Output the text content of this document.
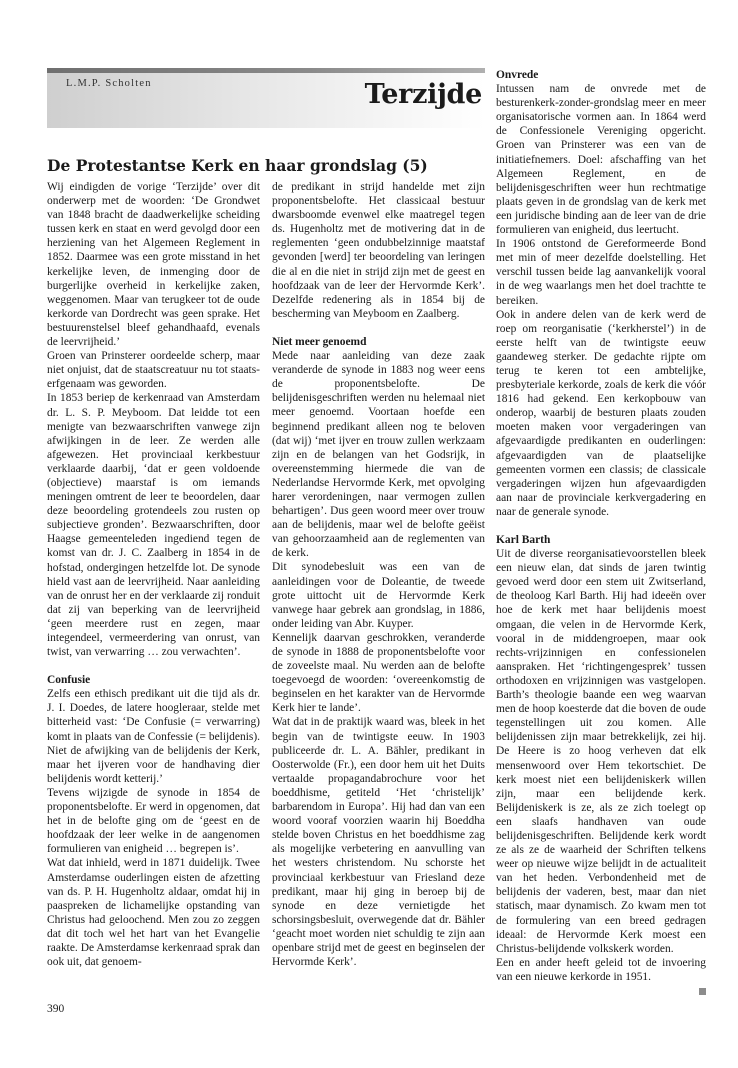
L.M.P. Scholten	Terzijde
De Protestantse Kerk en haar grondslag (5)

Wij eindigden de vorige ‘Terzijde’ over dit onderwerp met de woorden: ‘De Grondwet van 1848 bracht de daadwerkelijke scheiding tussen kerk en staat en werd gevolgd door een herziening van het Algemeen Reglement in 1852. Daarmee was een grote misstand in het kerkelijke leven, de inmenging door de burgerlijke overheid in kerkelijke zaken, weggenomen. Maar van terugkeer tot de oude kerkorde van Dordrecht was geen sprake. Het bestuurenstelsel bleef gehandhaafd, evenals de leervrijheid.’

Groen van Prinsterer oordeelde scherp, maar niet onjuist, dat de staatscreatuur nu tot staats-erfgenaam was geworden.

In 1853 beriep de kerkenraad van Amsterdam dr. L. S. P. Meyboom. Dat leidde tot een menigte van bezwaarschriften vanwege zijn afwijkingen in de leer. Ze werden alle afgewezen. Het provinciaal kerkbestuur verklaarde daarbij, ‘dat er geen voldoende (objectieve) maarstaf is om iemands meningen omtrent de leer te beoordelen, daar deze beoordeling grotendeels zou rusten op subjectieve gronden’. Bezwaarschriften, door Haagse gemeenteleden ingediend tegen de komst van dr. J. C. Zaalberg in 1854 in de hofstad, ondergingen hetzelfde lot. De synode hield vast aan de leervrijheid. Naar aanleiding van de onrust her en der verklaarde zij ronduit dat zij van beperking van de leervrijheid ‘geen meerdere rust en zegen, maar integendeel, vermeerdering van onrust, van twist, van verwarring … zou verwachten’.

Confusie

Zelfs een ethisch predikant uit die tijd als dr. J. I. Doedes, de latere hoogleraar, stelde met bitterheid vast: ‘De Confusie (= verwarring) komt in plaats van de Confessie (= belijdenis). Niet de afwijking van de belijdenis der Kerk, maar het ijveren voor de handhaving dier belijdenis wordt ketterij.’

Tevens wijzigde de synode in 1854 de proponentsbelofte. Er werd in opgenomen, dat het in de belofte ging om de ‘geest en de hoofdzaak der leer welke in de aangenomen formulieren van enigheid … begrepen is’.

Wat dat inhield, werd in 1871 duidelijk. Twee Amsterdamse ouderlingen eisten de afzetting van ds. P. H. Hugenholtz aldaar, omdat hij in paaspreken de lichamelijke opstanding van Christus had geloochend. Men zou zo zeggen dat dit toch wel het hart van het Evangelie raakte. De Amsterdamse kerkenraad sprak dan ook uit, dat genoem-

de predikant in strijd handelde met zijn proponentsbelofte. Het classicaal bestuur dwarsboomde evenwel elke maatregel tegen ds. Hugenholtz met de motivering dat in de reglementen ‘geen ondubbelzinnige maatstaf gevonden [werd] ter beoordeling van leringen die al en die niet in strijd zijn met de geest en hoofdzaak van de leer der Hervormde Kerk’. Dezelfde redenering als in 1854 bij de bescherming van Meyboom en Zaalberg.

Niet meer genoemd

Mede naar aanleiding van deze zaak veranderde de synode in 1883 nog weer eens de proponentsbelofte. De belijdenisgeschriften werden nu helemaal niet meer genoemd. Voortaan hoefde een beginnend predikant alleen nog te beloven (dat wij) ‘met ijver en trouw zullen werkzaam zijn en de belangen van het Godsrijk, in overeenstemming hiermede die van de Nederlandse Hervormde Kerk, met opvolging harer verordeningen, naar vermogen zullen behartigen’. Dus geen woord meer over trouw aan de belijdenis, maar wel de belofte geëist van gehoorzaamheid aan de reglementen van de kerk.

Dit synodebesluit was een van de aanleidingen voor de Doleantie, de tweede grote uittocht uit de Hervormde Kerk vanwege haar gebrek aan grondslag, in 1886, onder leiding van Abr. Kuyper.

Kennelijk daarvan geschrokken, veranderde de synode in 1888 de proponentsbelofte voor de zoveelste maal. Nu werden aan de belofte toegevoegd de woorden: ‘overeenkomstig de beginselen en het karakter van de Hervormde Kerk hier te lande’.

Wat dat in de praktijk waard was, bleek in het begin van de twintigste eeuw. In 1903 publiceerde dr. L. A. Bähler, predikant in Oosterwolde (Fr.), een door hem uit het Duits vertaalde propagandabrochure voor het boeddhisme, getiteld ‘Het ‘christelijk’ barbarendom in Europa’. Hij had dan van een woord vooraf voorzien waarin hij Boeddha stelde boven Christus en het boeddhisme zag als mogelijke verbetering en aanvulling van het westers christendom. Nu schorste het provinciaal kerkbestuur van Friesland deze predikant, maar hij ging in beroep bij de synode en deze vernietigde het schorsingsbesluit, overwegende dat dr. Bähler ‘geacht moet worden niet schuldig te zijn aan openbare strijd met de geest en beginselen der Hervormde Kerk’.

Onvrede

Intussen nam de onvrede met de besturenkerk-zonder-grondslag meer en meer organisatorische vormen aan. In 1864 werd de Confessionele Vereniging opgericht. Groen van Prinsterer was een van de initiatiefnemers. Doel: afschaffing van het Algemeen Reglement, en de belijdenisgeschriften weer hun rechtmatige plaats geven in de grondslag van de kerk met een juridische binding aan de leer van de drie formulieren van enigheid, dus leertucht.

In 1906 ontstond de Gereformeerde Bond met min of meer dezelfde doelstelling. Het verschil tussen beide lag aanvankelijk vooral in de weg waarlangs men het doel trachtte te bereiken.

Ook in andere delen van de kerk werd de roep om reorganisatie (‘kerkherstel’) in de eerste helft van de twintigste eeuw gaandeweg sterker. De gedachte rijpte om terug te keren tot een ambtelijke, presbyteriale kerkorde, zoals de kerk die vóór 1816 had gekend. Een kerkopbouw van onderop, waarbij de besturen plaats zouden moeten maken voor vergaderingen van afgevaardigde predikanten en ouderlingen: afgevaardigden van de plaatselijke gemeenten vormen een classis; de classicale vergaderingen wijzen hun afgevaardigden aan naar de provinciale kerkvergadering en naar de generale synode.

Karl Barth

Uit de diverse reorganisatievoorstellen bleek een nieuw elan, dat sinds de jaren twintig gevoed werd door een stem uit Zwitserland, de theoloog Karl Barth. Hij had ideeën over hoe de kerk met haar belijdenis moest omgaan, die velen in de Hervormde Kerk, vooral in de middengroepen, maar ook rechts-vrijzinnigen en confessionelen aanspraken. Het ‘richtingengesprek’ tussen orthodoxen en vrijzinnigen was vastgelopen. Barth’s theologie baande een weg waarvan men de hoop koesterde dat die boven de oude tegenstellingen uit zou komen. Alle belijdenissen zijn maar betrekkelijk, zei hij. De Heere is zo hoog verheven dat elk mensenwoord over Hem tekortschiet. De kerk moest niet een belijdeniskerk willen zijn, maar een belijdende kerk. Belijdeniskerk is ze, als ze zich toelegt op een slaafs handhaven van oude belijdenisgeschriften. Belijdende kerk wordt ze als ze de waarheid der Schriften telkens weer op nieuwe wijze belijdt in de actualiteit van het heden. Verbondenheid met de belijdenis der vaderen, best, maar dan niet statisch, maar dynamisch. Zo kwam men tot de formulering van een breed gedragen ideaal: de Hervormde Kerk moest een Christus-belijdende volkskerk worden.

Een en ander heeft geleid tot de invoering van een nieuwe kerkorde in 1951.

390
